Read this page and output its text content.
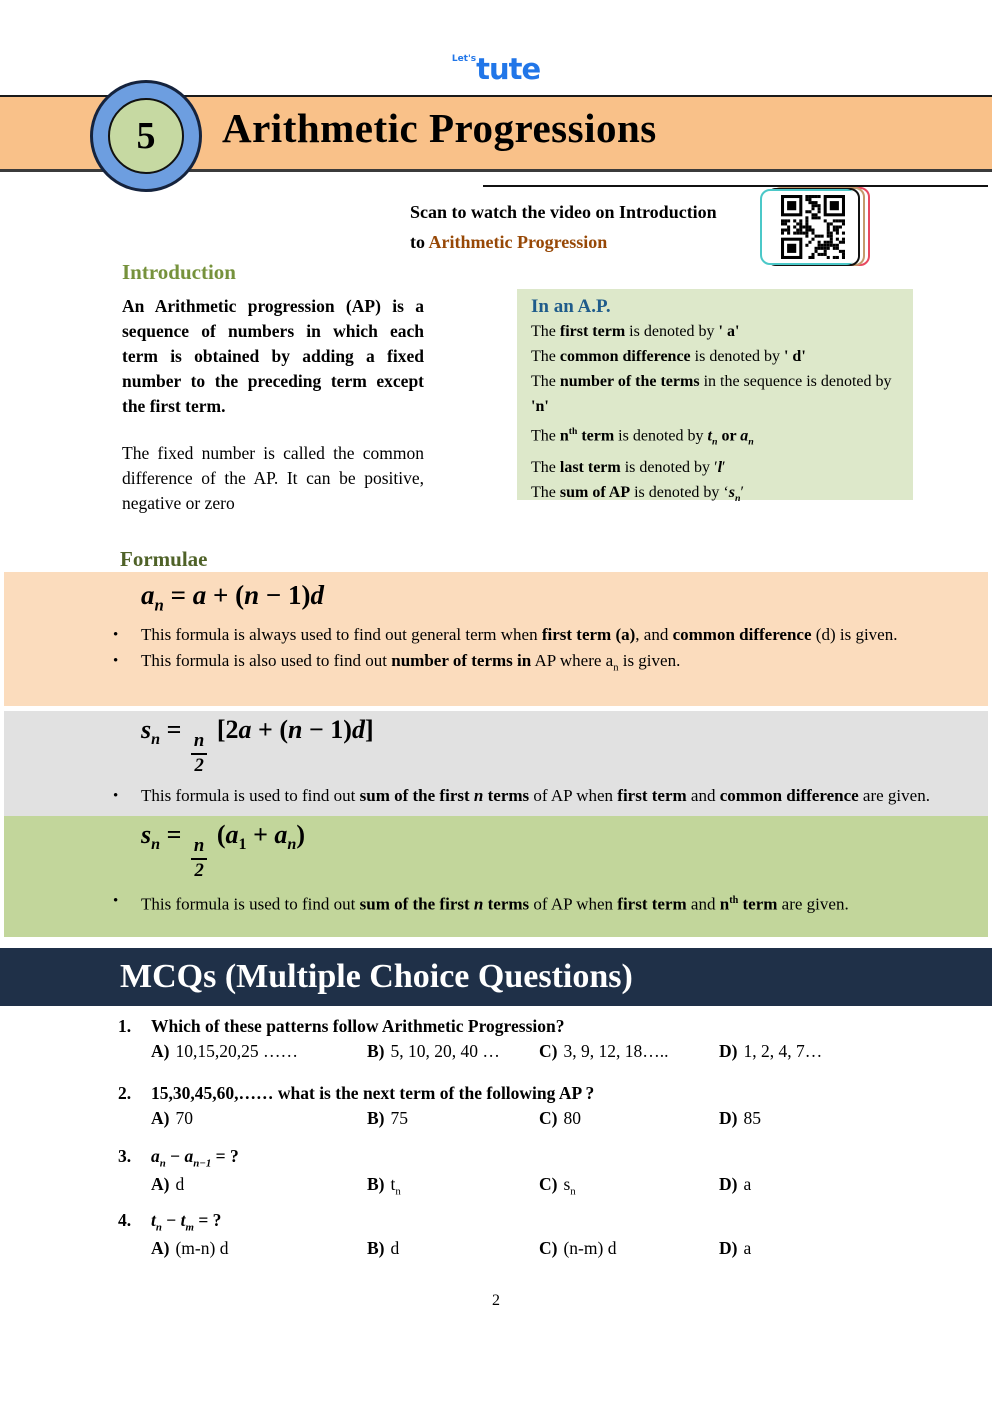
$^{Let's}$tute
5	Arithmetic Progressions
Scan to watch the video on Introduction
to Arithmetic Progression
Introduction
An Arithmetic progression (AP) is a sequence of numbers in which each term is obtained by adding a fixed number to the preceding term except the first term.
The fixed number is called the common difference of the AP. It can be positive, negative or zero
In an A.P.
The first term is denoted by ' a'
The common difference is denoted by ' d'
The number of the terms in the sequence is denoted by 'n'
The $n^{th}$ term is denoted by $t_n$ or $a_n$
The last term is denoted by ′l′
The sum of AP is denoted by ‘$s_n'$
Formulae
$a_n = a + (n - 1)d$
• This formula is always used to find out general term when first term (a), and common difference (d) is given.
• This formula is also used to find out number of terms in AP where $a_n$ is given.
$s_n$ =
$\frac{n}{2}$
[2a + (n − 1)d]
• This formula is used to find out sum of the first n terms of AP when first term and common difference are given.
$s_n$ =
$\frac{n}{2}$
$(a_1 + a_n)$
• This formula is used to find out sum of the first n terms of AP when first term and $n^{th}$ term are given.
MCQs (Multiple Choice Questions)
1.	Which of these patterns follow Arithmetic Progression?
A) 10,15,20,25 ……	B) 5, 10, 20, 40 …	C) 3, 9, 12, 18…..	D) 1, 2, 4, 7…
2.	15,30,45,60,…… what is the next term of the following AP ?
A) 70	B) 75	C) 80	D) 85
3.	$a_n - a_{n-1}$ = ?
A) d	B) $t_n$	C) $s_n$	D) a
4.	$t_n - t_m$ = ?
A) (m-n) d	B) d	C) (n-m) d	D) a
2
